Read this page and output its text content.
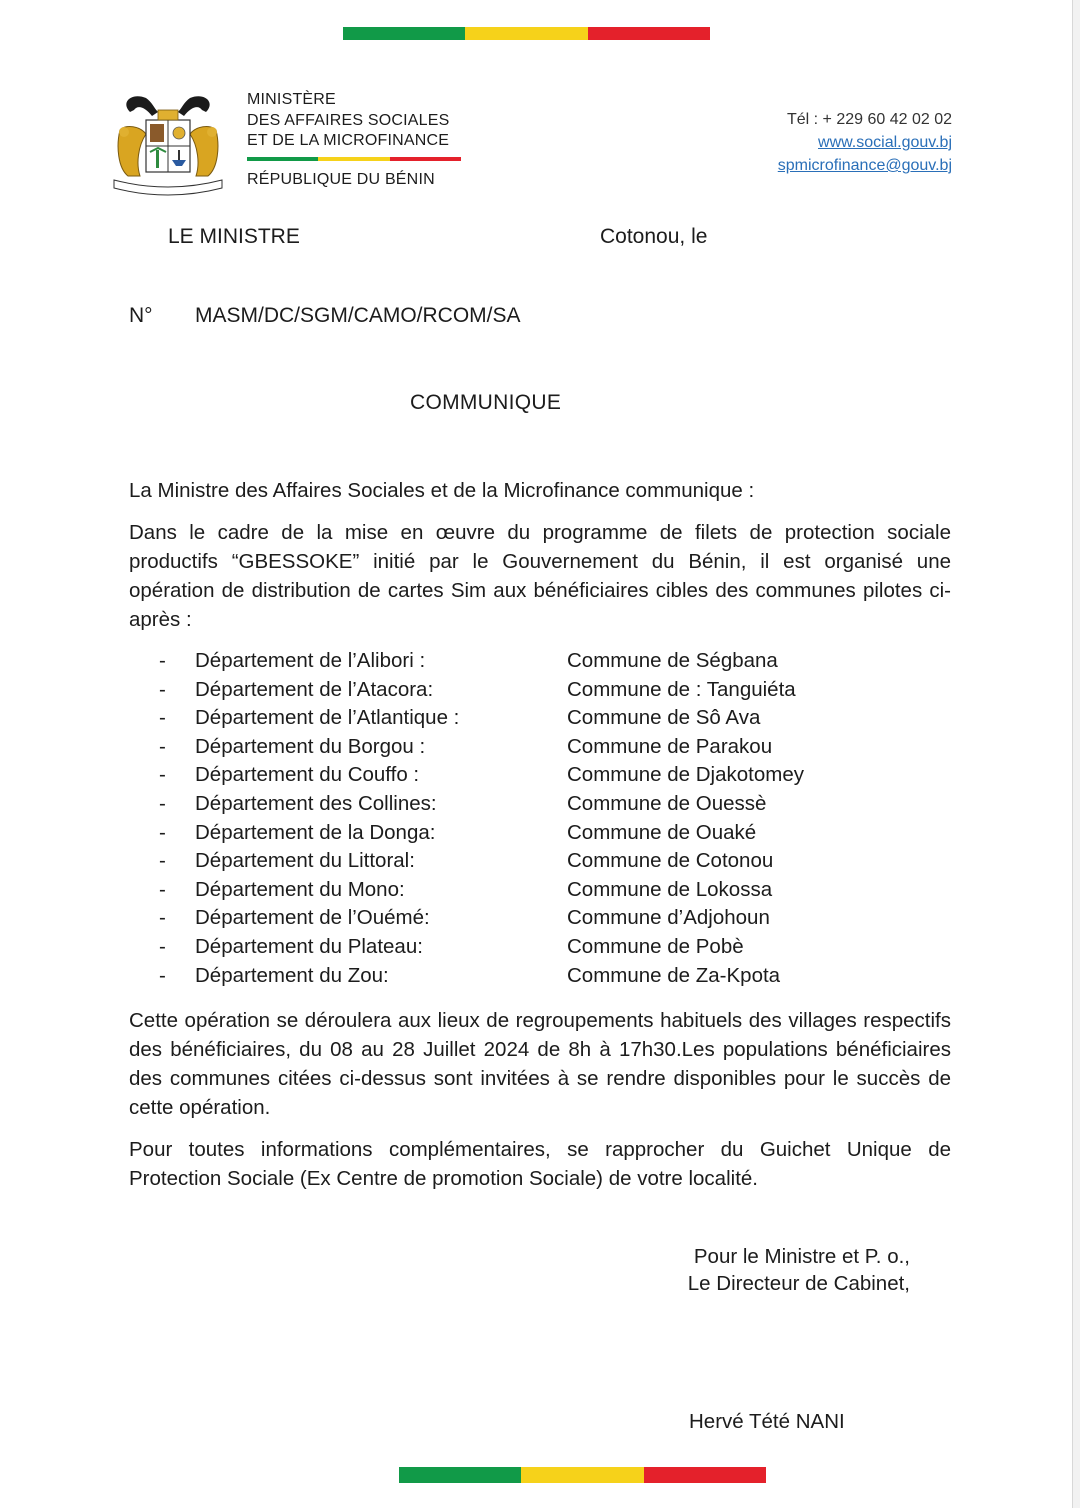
MINISTÈRE
DES AFFAIRES SOCIALES
ET DE LA MICROFINANCE
RÉPUBLIQUE DU BÉNIN
Tél : + 229 60 42 02 02
www.social.gouv.bj
spmicrofinance@gouv.bj
LE MINISTRE	Cotonou, le
N° MASM/DC/SGM/CAMO/RCOM/SA
COMMUNIQUE
La Ministre des Affaires Sociales et de la Microfinance communique :
Dans le cadre de la mise en œuvre du programme de filets de protection sociale productifs “GBESSOKE” initié par le Gouvernement du Bénin, il est organisé une opération de distribution de cartes Sim aux bénéficiaires cibles des communes pilotes ci-après :
- Département de l’Alibori :	Commune de Ségbana
- Département de l’Atacora:	Commune de : Tanguiéta
- Département de l’Atlantique :	Commune de Sô Ava
- Département du Borgou :	Commune de Parakou
- Département du Couffo :	Commune de Djakotomey
- Département des Collines:	Commune de Ouessè
- Département de la Donga:	Commune de Ouaké
- Département du Littoral:	Commune de Cotonou
- Département du Mono:	Commune de Lokossa
- Département de l’Ouémé:	Commune d’Adjohoun
- Département du Plateau:	Commune de Pobè
- Département du Zou:	Commune de Za-Kpota
Cette opération se déroulera aux lieux de regroupements habituels des villages respectifs des bénéficiaires, du 08 au 28 Juillet 2024 de 8h à 17h30.Les populations bénéficiaires des communes citées ci-dessus sont invitées à se rendre disponibles pour le succès de cette opération.
Pour toutes informations complémentaires, se rapprocher du Guichet Unique de Protection Sociale (Ex Centre de promotion Sociale) de votre localité.
Pour le Ministre et P. o.,
Le Directeur de Cabinet,
Hervé Tété NANI
